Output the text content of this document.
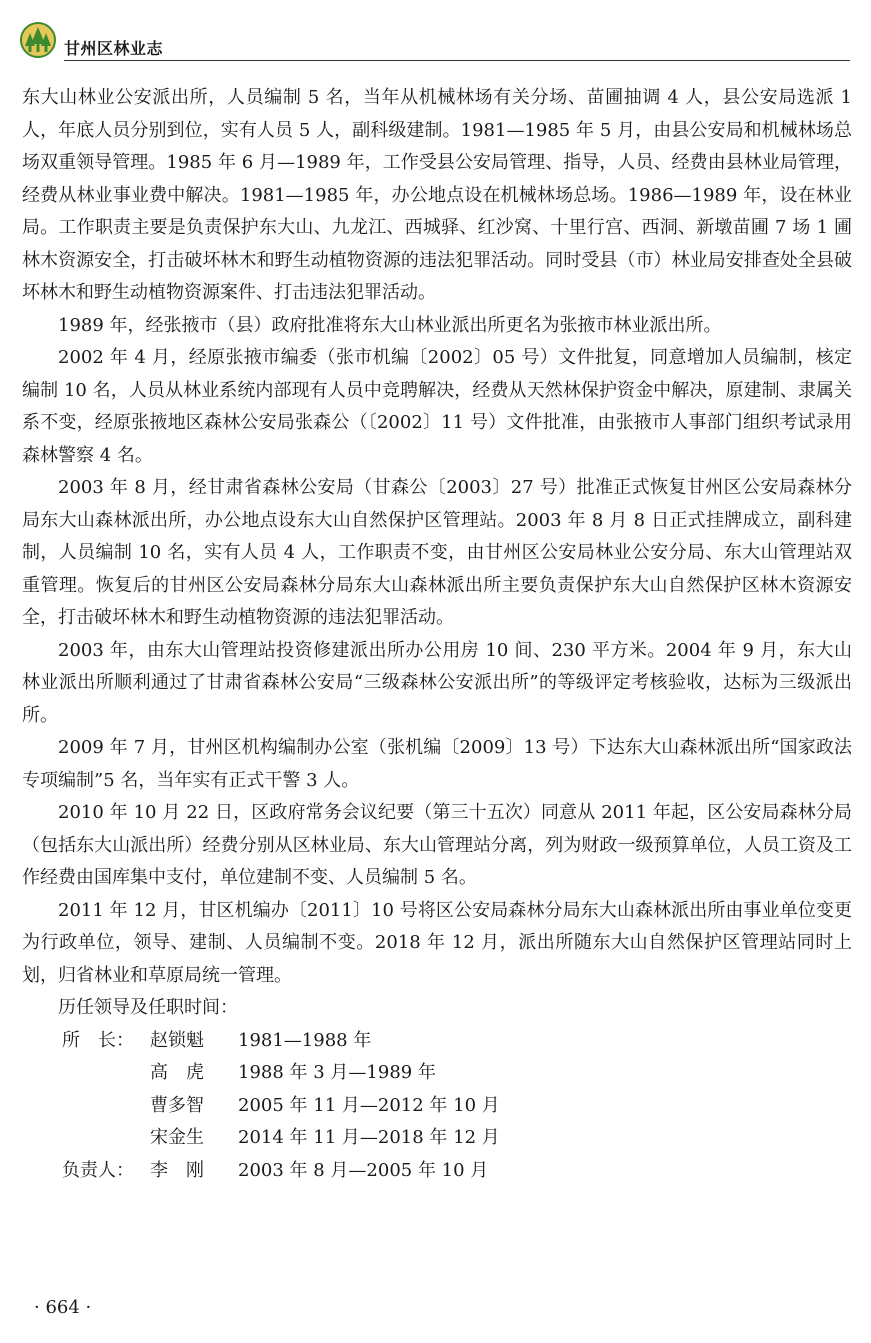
甘州区林业志

东大山林业公安派出所，人员编制 5 名，当年从机械林场有关分场、苗圃抽调 4 人，县公安局选派 1 人，年底人员分别到位，实有人员 5 人，副科级建制。1981—1985 年 5 月，由县公安局和机械林场总场双重领导管理。1985 年 6 月—1989 年，工作受县公安局管理、指导，人员、经费由县林业局管理，经费从林业事业费中解决。1981—1985 年，办公地点设在机械林场总场。1986—1989 年，设在林业局。工作职责主要是负责保护东大山、九龙江、西城驿、红沙窝、十里行宫、西洞、新墩苗圃 7 场 1 圃林木资源安全，打击破坏林木和野生动植物资源的违法犯罪活动。同时受县（市）林业局安排查处全县破坏林木和野生动植物资源案件、打击违法犯罪活动。

1989 年，经张掖市（县）政府批准将东大山林业派出所更名为张掖市林业派出所。

2002 年 4 月，经原张掖市编委（张市机编〔2002〕05 号）文件批复，同意增加人员编制，核定编制 10 名，人员从林业系统内部现有人员中竞聘解决，经费从天然林保护资金中解决，原建制、隶属关系不变，经原张掖地区森林公安局张森公（〔2002〕11 号）文件批准，由张掖市人事部门组织考试录用森林警察 4 名。

2003 年 8 月，经甘肃省森林公安局（甘森公〔2003〕27 号）批准正式恢复甘州区公安局森林分局东大山森林派出所，办公地点设东大山自然保护区管理站。2003 年 8 月 8 日正式挂牌成立，副科建制，人员编制 10 名，实有人员 4 人，工作职责不变，由甘州区公安局林业公安分局、东大山管理站双重管理。恢复后的甘州区公安局森林分局东大山森林派出所主要负责保护东大山自然保护区林木资源安全，打击破坏林木和野生动植物资源的违法犯罪活动。

2003 年，由东大山管理站投资修建派出所办公用房 10 间、230 平方米。2004 年 9 月，东大山林业派出所顺利通过了甘肃省森林公安局“三级森林公安派出所”的等级评定考核验收，达标为三级派出所。

2009 年 7 月，甘州区机构编制办公室（张机编〔2009〕13 号）下达东大山森林派出所“国家政法专项编制”5 名，当年实有正式干警 3 人。

2010 年 10 月 22 日，区政府常务会议纪要（第三十五次）同意从 2011 年起，区公安局森林分局（包括东大山派出所）经费分别从区林业局、东大山管理站分离，列为财政一级预算单位，人员工资及工作经费由国库集中支付，单位建制不变、人员编制 5 名。

2011 年 12 月，甘区机编办〔2011〕10 号将区公安局森林分局东大山森林派出所由事业单位变更为行政单位，领导、建制、人员编制不变。2018 年 12 月，派出所随东大山自然保护区管理站同时上划，归省林业和草原局统一管理。

历任领导及任职时间：

所　长： 赵锁魁	1981—1988 年
高　虎	1988 年 3 月—1989 年
曹多智	2005 年 11 月—2012 年 10 月
宋金生	2014 年 11 月—2018 年 12 月
负责人： 李　刚	2003 年 8 月—2005 年 10 月
· 664 ·
